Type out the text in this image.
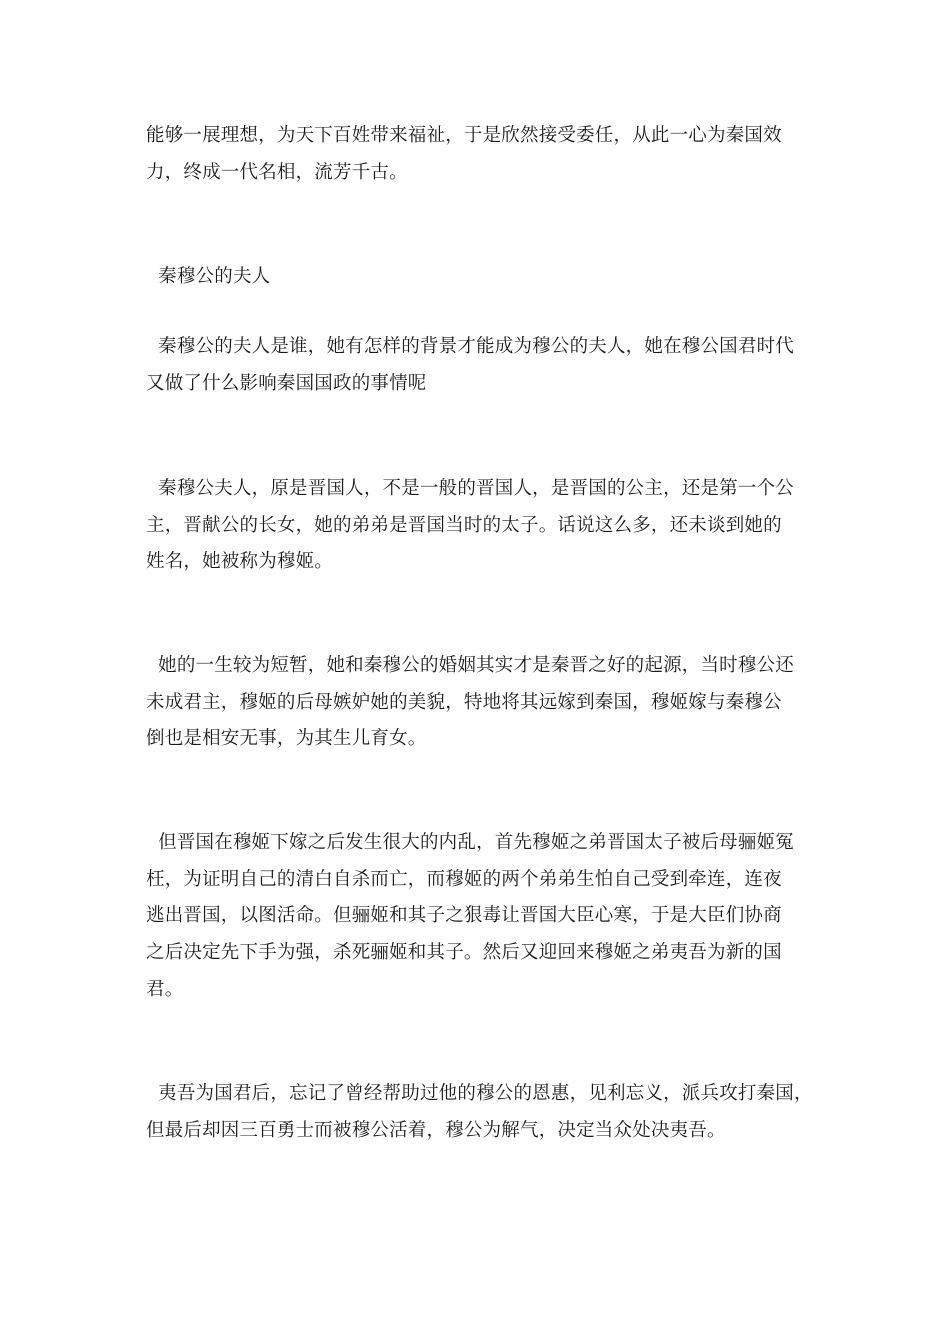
能够一展理想，为天下百姓带来福祉，于是欣然接受委任，从此一心为秦国效
力，终成一代名相，流芳千古。
秦穆公的夫人
秦穆公的夫人是谁，她有怎样的背景才能成为穆公的夫人，她在穆公国君时代
又做了什么影响秦国国政的事情呢
秦穆公夫人，原是晋国人，不是一般的晋国人，是晋国的公主，还是第一个公
主，晋献公的长女，她的弟弟是晋国当时的太子。话说这么多，还未谈到她的
姓名，她被称为穆姬。
她的一生较为短暂，她和秦穆公的婚姻其实才是秦晋之好的起源，当时穆公还
未成君主，穆姬的后母嫉妒她的美貌，特地将其远嫁到秦国，穆姬嫁与秦穆公
倒也是相安无事，为其生儿育女。
但晋国在穆姬下嫁之后发生很大的内乱，首先穆姬之弟晋国太子被后母骊姬冤
枉，为证明自己的清白自杀而亡，而穆姬的两个弟弟生怕自己受到牵连，连夜
逃出晋国，以图活命。但骊姬和其子之狠毒让晋国大臣心寒，于是大臣们协商
之后决定先下手为强，杀死骊姬和其子。然后又迎回来穆姬之弟夷吾为新的国
君。
夷吾为国君后，忘记了曾经帮助过他的穆公的恩惠，见利忘义，派兵攻打秦国，
但最后却因三百勇士而被穆公活着，穆公为解气，决定当众处决夷吾。
